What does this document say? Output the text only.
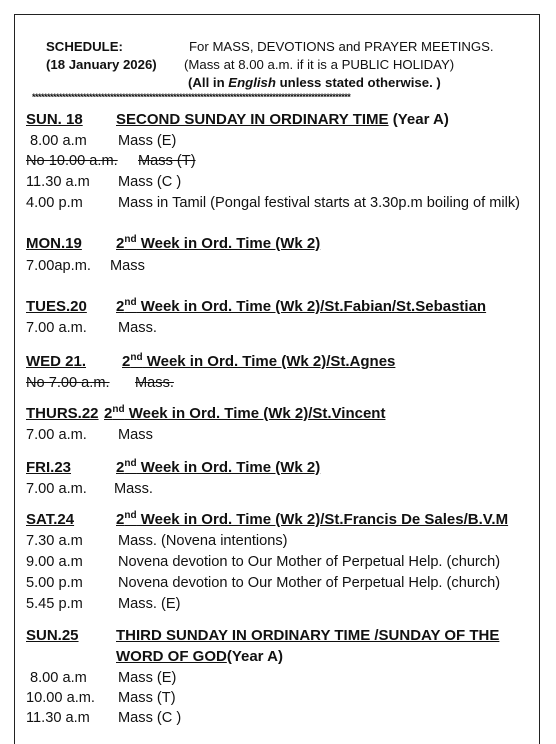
SCHEDULE:
(18 January 2026)
For MASS, DEVOTIONS and PRAYER MEETINGS.
(Mass at 8.00 a.m. if it is a PUBLIC HOLIDAY)
(All in English unless stated otherwise. )
**********************************************************************************************************
SUN. 18 SECOND SUNDAY IN ORDINARY TIME (Year A)
8.00 a.m Mass (E)
No 10.00 a.m. Mass (T)
11.30 a.m Mass (C )
4.00 p.m Mass in Tamil (Pongal festival starts at 3.30p.m boiling of milk)
MON.19 2nd Week in Ord. Time (Wk 2)
7.00ap.m. Mass
TUES.20 2nd Week in Ord. Time (Wk 2)/St.Fabian/St.Sebastian
7.00 a.m. Mass.
WED 21. 2nd Week in Ord. Time (Wk 2)/St.Agnes
No 7.00 a.m. Mass.
THURS.22 2nd Week in Ord. Time (Wk 2)/St.Vincent
7.00 a.m. Mass
FRI.23	2nd Week in Ord. Time (Wk 2)
7.00 a.m. Mass.
SAT.24	2nd Week in Ord. Time (Wk 2)/St.Francis De Sales/B.V.M
7.30 a.m Mass. (Novena intentions)
9.00 a.m Novena devotion to Our Mother of Perpetual Help. (church)
5.00 p.m Novena devotion to Our Mother of Perpetual Help. (church)
5.45 p.m Mass. (E)
SUN.25 THIRD SUNDAY IN ORDINARY TIME /SUNDAY OF THE
WORD OF GOD(Year A)
8.00 a.m Mass (E)
10.00 a.m. Mass (T)
11.30 a.m Mass (C )
